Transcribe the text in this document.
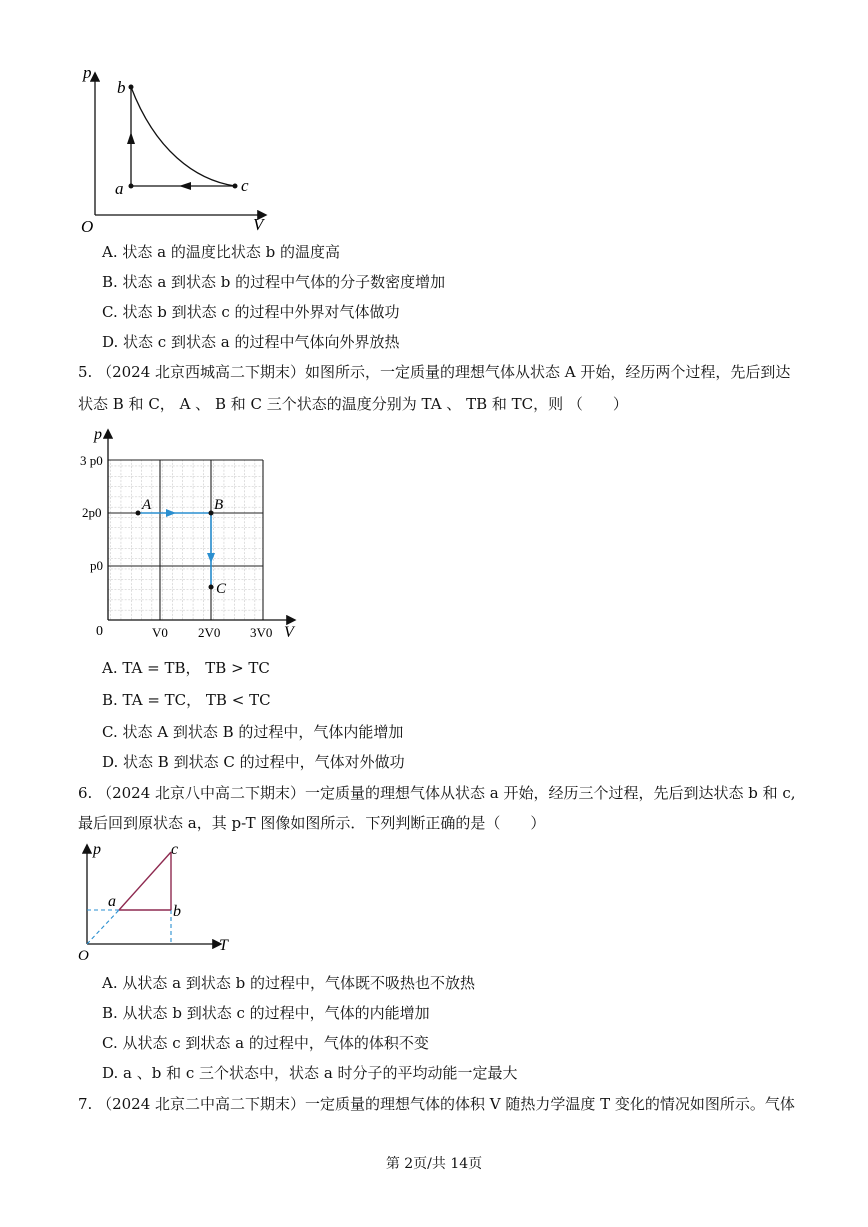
p
V
O
b
a	c
A. 状态 a 的温度比状态 b 的温度高
B. 状态 a 到状态 b 的过程中气体的分子数密度增加
C. 状态 b 到状态 c 的过程中外界对气体做功
D. 状态 c 到状态 a 的过程中气体向外界放热
5. （2024 北京西城高二下期末）如图所示，一定质量的理想气体从状态 A 开始，经历两个过程，先后到达
状态 B 和 C， A 、 B 和 C 三个状态的温度分别为 TA 、 TB 和 TC，则 （　　）
A	B
C
p
V
0
3 p0
2p0
p0
V0 2V0 3V0
A. TA = TB， TB > TC
B. TA = TC， TB < TC
C. 状态 A 到状态 B 的过程中，气体内能增加
D. 状态 B 到状态 C 的过程中，气体对外做功
6. （2024 北京八中高二下期末）一定质量的理想气体从状态 a 开始，经历三个过程，先后到达状态 b 和 c,
最后回到原状态 a，其 p-T 图像如图所示．下列判断正确的是（　　）
p
T
O
a
b
c
A. 从状态 a 到状态 b 的过程中，气体既不吸热也不放热
B. 从状态 b 到状态 c 的过程中，气体的内能增加
C. 从状态 c 到状态 a 的过程中，气体的体积不变
D. a 、b 和 c 三个状态中，状态 a 时分子的平均动能一定最大
7. （2024 北京二中高二下期末）一定质量的理想气体的体积 V 随热力学温度 T 变化的情况如图所示。气体
第 2页/共 14页
